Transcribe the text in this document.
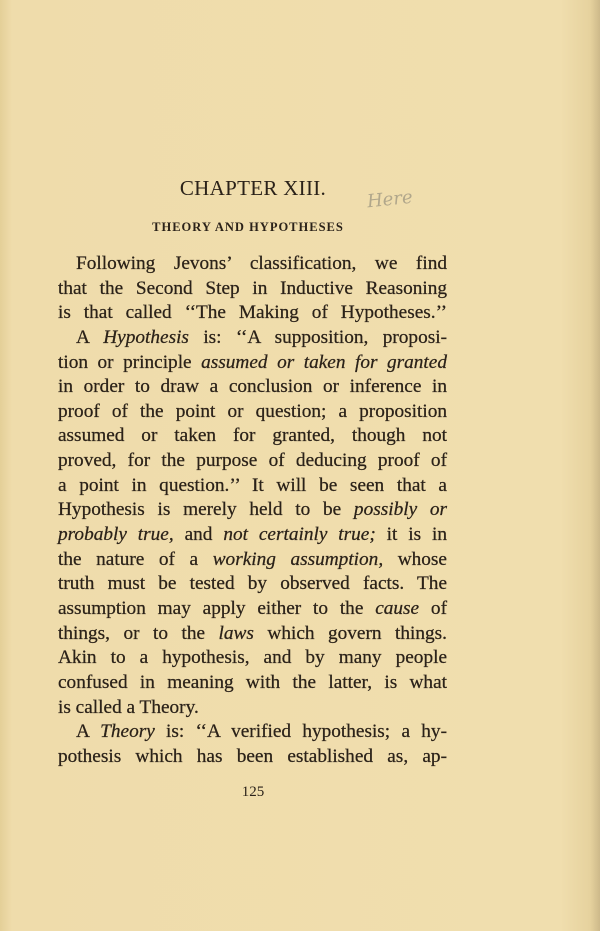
CHAPTER XIII.	Here
THEORY AND HYPOTHESES
Following Jevons’ classification, we find
that the Second Step in Inductive Reasoning
is that called ‘‘The Making of Hypotheses.’’
A Hypothesis is: ‘‘A supposition, proposi-
tion or principle assumed or taken for granted
in order to draw a conclusion or inference in
proof of the point or question; a proposition
assumed or taken for granted, though not
proved, for the purpose of deducing proof of
a point in question.’’ It will be seen that a
Hypothesis is merely held to be possibly or
probably true, and not certainly true; it is in
the nature of a working assumption, whose
truth must be tested by observed facts. The
assumption may apply either to the cause of
things, or to the laws which govern things.
Akin to a hypothesis, and by many people
confused in meaning with the latter, is what
is called a Theory.
A Theory is: ‘‘A verified hypothesis; a hy-
pothesis which has been established as, ap-
125
